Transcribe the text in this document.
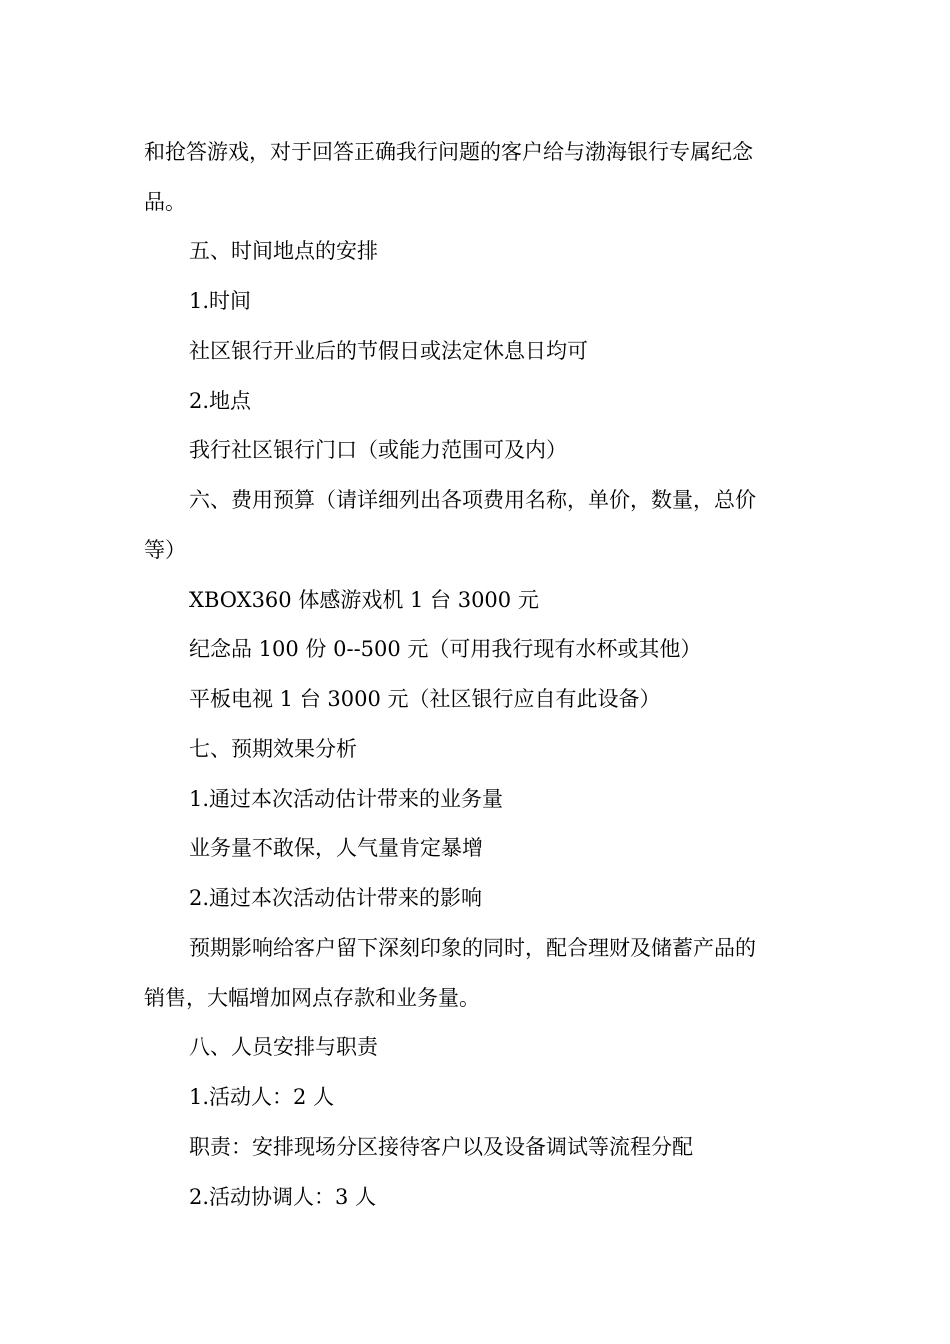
和抢答游戏，对于回答正确我行问题的客户给与渤海银行专属纪念
品。
五、时间地点的安排
1.时间
社区银行开业后的节假日或法定休息日均可
2.地点
我行社区银行门口（或能力范围可及内）
六、费用预算（请详细列出各项费用名称，单价，数量，总价
等）
XBOX360 体感游戏机 1 台 3000 元
纪念品 100 份 0--500 元（可用我行现有水杯或其他）
平板电视 1 台 3000 元（社区银行应自有此设备）
七、预期效果分析
1.通过本次活动估计带来的业务量
业务量不敢保，人气量肯定暴增
2.通过本次活动估计带来的影响
预期影响给客户留下深刻印象的同时，配合理财及储蓄产品的
销售，大幅增加网点存款和业务量。
八、人员安排与职责
1.活动人：2 人
职责：安排现场分区接待客户以及设备调试等流程分配
2.活动协调人：3 人
